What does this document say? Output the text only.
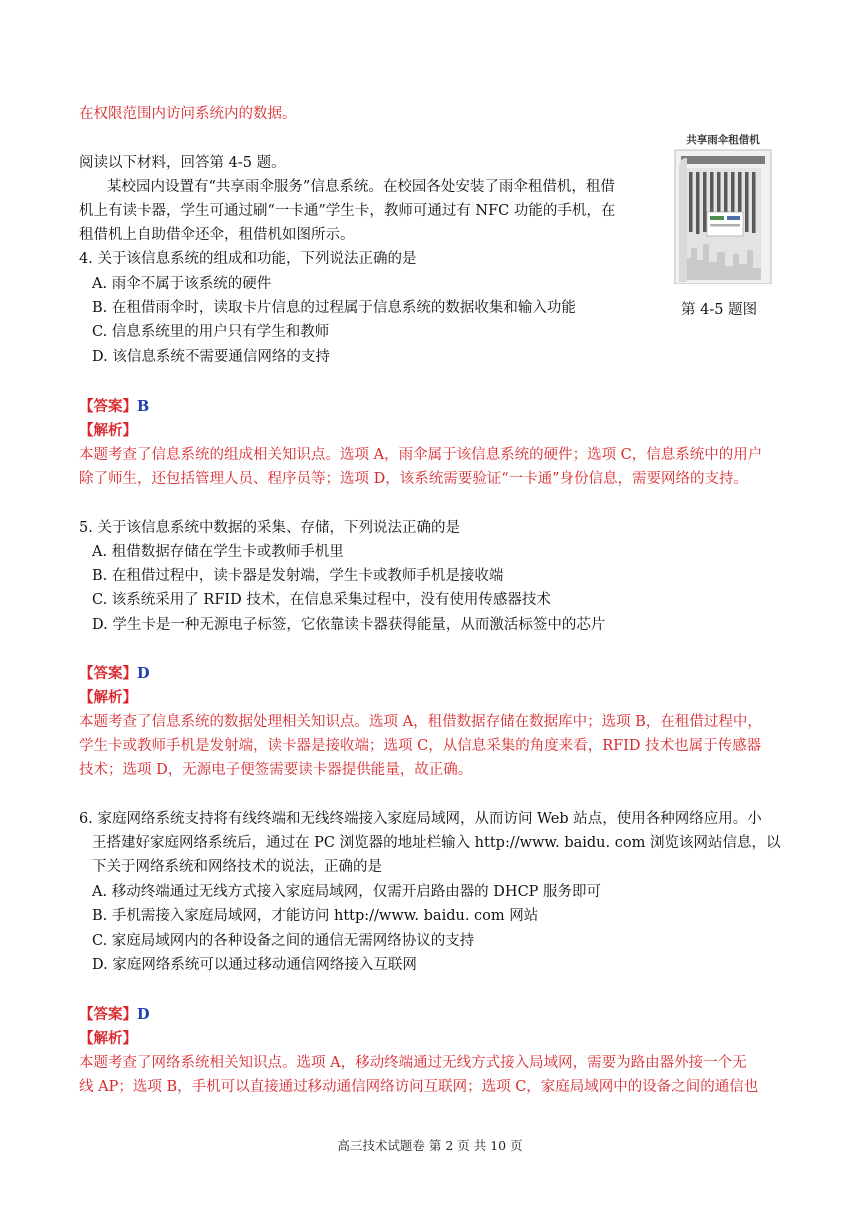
在权限范围内访问系统内的数据。
阅读以下材料，回答第 4-5 题。
某校园内设置有“共享雨伞服务”信息系统。在校园各处安装了雨伞租借机，租借
机上有读卡器，学生可通过刷“一卡通”学生卡，教师可通过有 NFC 功能的手机，在
租借机上自助借伞还伞，租借机如图所示。
共享雨伞租借机
第 4-5 题图
4. 关于该信息系统的组成和功能，下列说法正确的是
A. 雨伞不属于该系统的硬件
B. 在租借雨伞时，读取卡片信息的过程属于信息系统的数据收集和输入功能
C. 信息系统里的用户只有学生和教师
D. 该信息系统不需要通信网络的支持
【答案】B
【解析】
本题考查了信息系统的组成相关知识点。选项 A，雨伞属于该信息系统的硬件；选项 C，信息系统中的用户
除了师生，还包括管理人员、程序员等；选项 D，该系统需要验证“一卡通”身份信息，需要网络的支持。
5. 关于该信息系统中数据的采集、存储，下列说法正确的是
A. 租借数据存储在学生卡或教师手机里
B. 在租借过程中，读卡器是发射端，学生卡或教师手机是接收端
C. 该系统采用了 RFID 技术，在信息采集过程中，没有使用传感器技术
D. 学生卡是一种无源电子标签，它依靠读卡器获得能量，从而激活标签中的芯片
【答案】D
【解析】
本题考查了信息系统的数据处理相关知识点。选项 A，租借数据存储在数据库中；选项 B，在租借过程中，
学生卡或教师手机是发射端，读卡器是接收端；选项 C，从信息采集的角度来看，RFID 技术也属于传感器
技术；选项 D，无源电子便签需要读卡器提供能量，故正确。
6. 家庭网络系统支持将有线终端和无线终端接入家庭局域网，从而访问 Web 站点，使用各种网络应用。小
王搭建好家庭网络系统后，通过在 PC 浏览器的地址栏输入 http://www. baidu. com 浏览该网站信息，以
下关于网络系统和网络技术的说法，正确的是
A. 移动终端通过无线方式接入家庭局域网，仅需开启路由器的 DHCP 服务即可
B. 手机需接入家庭局域网，才能访问 http://www. baidu. com 网站
C. 家庭局域网内的各种设备之间的通信无需网络协议的支持
D. 家庭网络系统可以通过移动通信网络接入互联网
【答案】D
【解析】
本题考查了网络系统相关知识点。选项 A，移动终端通过无线方式接入局域网，需要为路由器外接一个无
线 AP；选项 B，手机可以直接通过移动通信网络访问互联网；选项 C，家庭局域网中的设备之间的通信也
高三技术试题卷 第 2 页 共 10 页
